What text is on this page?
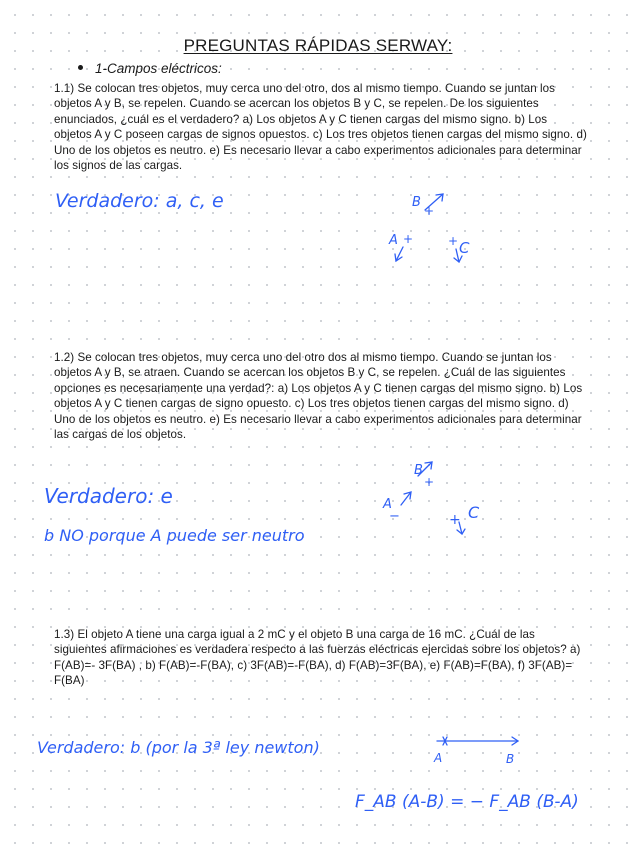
PREGUNTAS RÁPIDAS SERWAY:
1-Campos eléctricos:
1.1) Se colocan tres objetos, muy cerca uno del otro, dos al mismo tiempo. Cuando se juntan los objetos A y B, se repelen. Cuando se acercan los objetos B y C, se repelen. De los siguientes enunciados, ¿cuál es el verdadero? a) Los objetos A y C tienen cargas del mismo signo. b) Los objetos A y C poseen cargas de signos opuestos. c) Los tres objetos tienen cargas del mismo signo. d) Uno de los objetos es neutro. e) Es necesario llevar a cabo experimentos adicionales para determinar los signos de las cargas.
Verdadero: a, c, e
1.2) Se colocan tres objetos, muy cerca uno del otro dos al mismo tiempo. Cuando se juntan los objetos A y B, se atraen. Cuando se acercan los objetos B y C, se repelen. ¿Cuál de las siguientes opciones es necesariamente una verdad?: a) Los objetos A y C tienen cargas del mismo signo. b) Los objetos A y C tienen cargas de signo opuesto. c) Los tres objetos tienen cargas del mismo signo. d) Uno de los objetos es neutro. e) Es necesario llevar a cabo experimentos adicionales para determinar las cargas de los objetos.
Verdadero: e
b NO porque A puede ser neutro
1.3) El objeto A tiene una carga igual a 2 mC y el objeto B una carga de 16 mC. ¿Cuál de las siguientes afirmaciones es verdadera respecto a las fuerzas eléctricas ejercidas sobre los objetos? a) F(AB)=- 3F(BA) , b) F(AB)=-F(BA), c) 3F(AB)=-F(BA), d) F(AB)=3F(BA), e) F(AB)=F(BA), f) 3F(AB)= F(BA)
Verdadero: b (por la 3ª ley newton)
F_AB (A-B) = − F_AB (B-A)
B
+
A +	+ C
B
+
A
−	+ C
A	B
